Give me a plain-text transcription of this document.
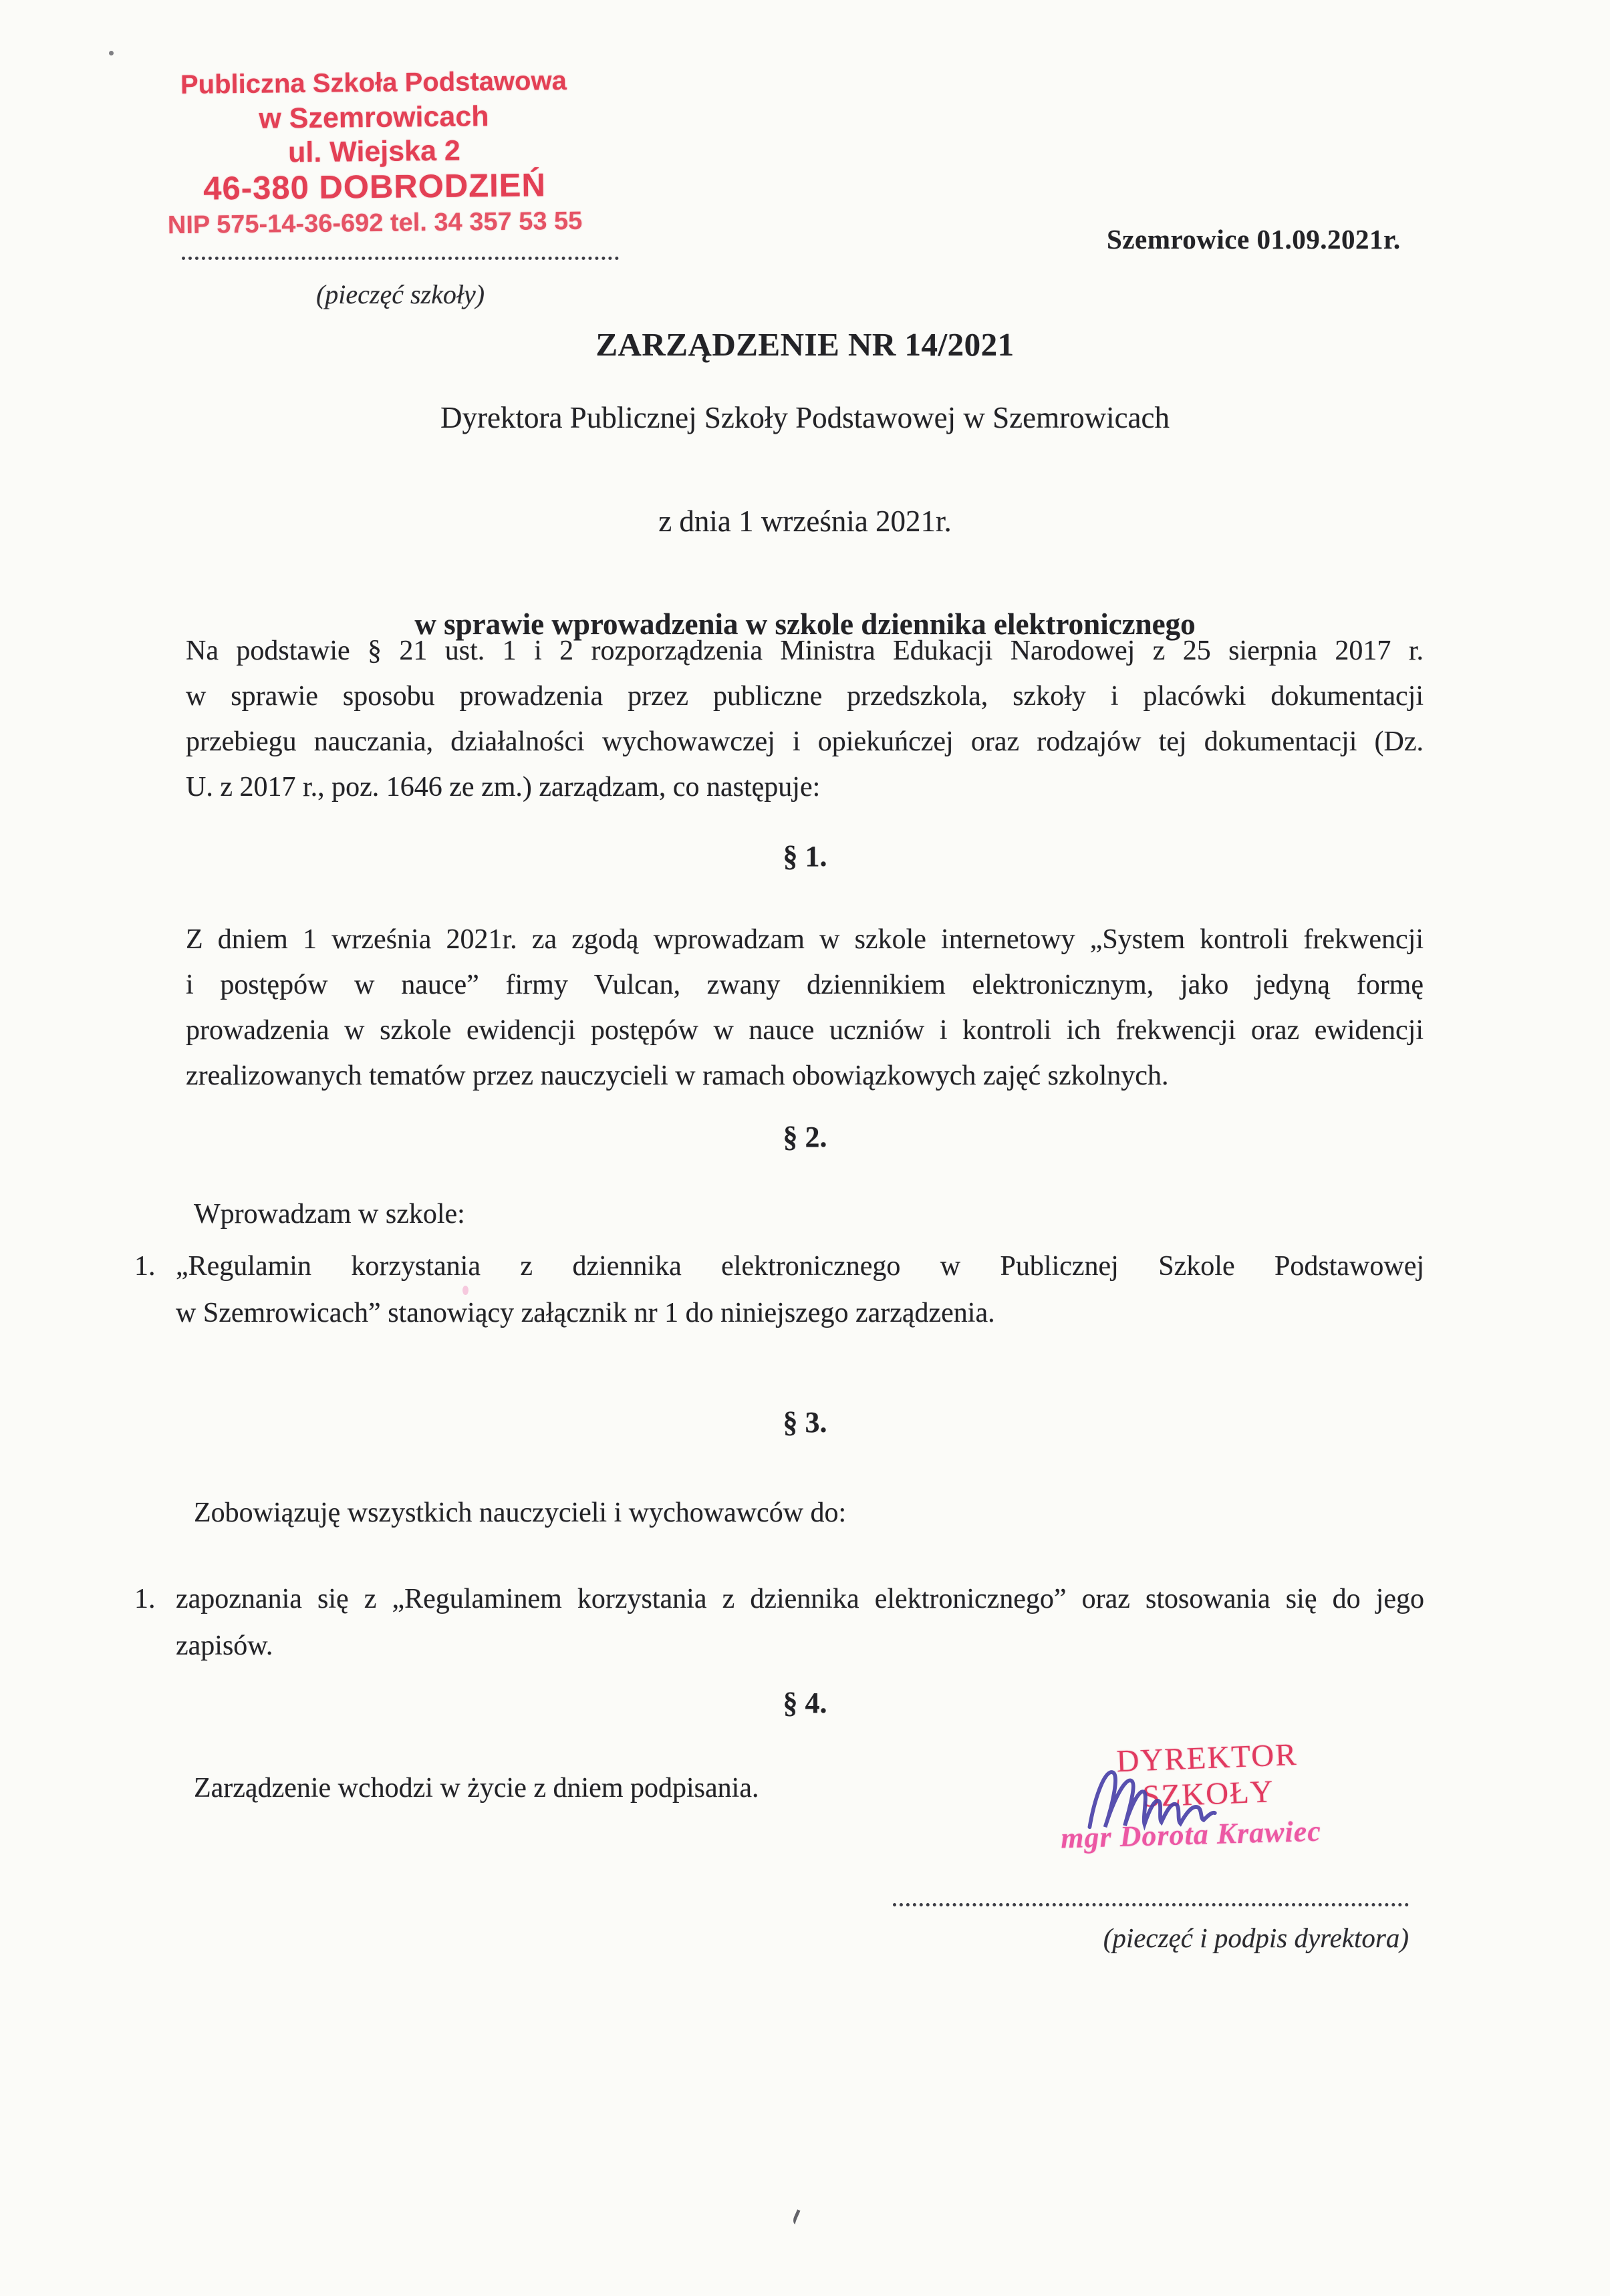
Publiczna Szkoła Podstawowa
w Szemrowicach
ul. Wiejska 2
46-380 DOBRODZIEŃ
NIP 575-14-36-692 tel. 34 357 53 55
(pieczęć szkoły)
Szemrowice 01.09.2021r.
ZARZĄDZENIE NR 14/2021
Dyrektora Publicznej Szkoły Podstawowej w Szemrowicach
z dnia 1 września 2021r.
w sprawie wprowadzenia w szkole dziennika elektronicznego
Na podstawie § 21 ust. 1 i 2 rozporządzenia Ministra Edukacji Narodowej z 25 sierpnia 2017 r.
w sprawie sposobu prowadzenia przez publiczne przedszkola, szkoły i placówki dokumentacji
przebiegu nauczania, działalności wychowawczej i opiekuńczej oraz rodzajów tej dokumentacji (Dz.
U. z 2017 r., poz. 1646 ze zm.) zarządzam, co następuje:
§ 1.
Z dniem 1 września 2021r. za zgodą wprowadzam w szkole internetowy „System kontroli frekwencji
i postępów w nauce” firmy Vulcan, zwany dziennikiem elektronicznym, jako jedyną formę
prowadzenia w szkole ewidencji postępów w nauce uczniów i kontroli ich frekwencji oraz ewidencji
zrealizowanych tematów przez nauczycieli w ramach obowiązkowych zajęć szkolnych.
§ 2.
Wprowadzam w szkole:
1. „Regulamin korzystania z dziennika elektronicznego w Publicznej Szkole Podstawowej
w Szemrowicach” stanowiący załącznik nr 1 do niniejszego zarządzenia.
§ 3.
Zobowiązuję wszystkich nauczycieli i wychowawców do:
1. zapoznania się z „Regulaminem korzystania z dziennika elektronicznego” oraz stosowania się do jego
zapisów.
§ 4.
Zarządzenie wchodzi w życie z dniem podpisania.
DYREKTOR SZKOŁY
mgr Dorota Krawiec
(pieczęć i podpis dyrektora)
